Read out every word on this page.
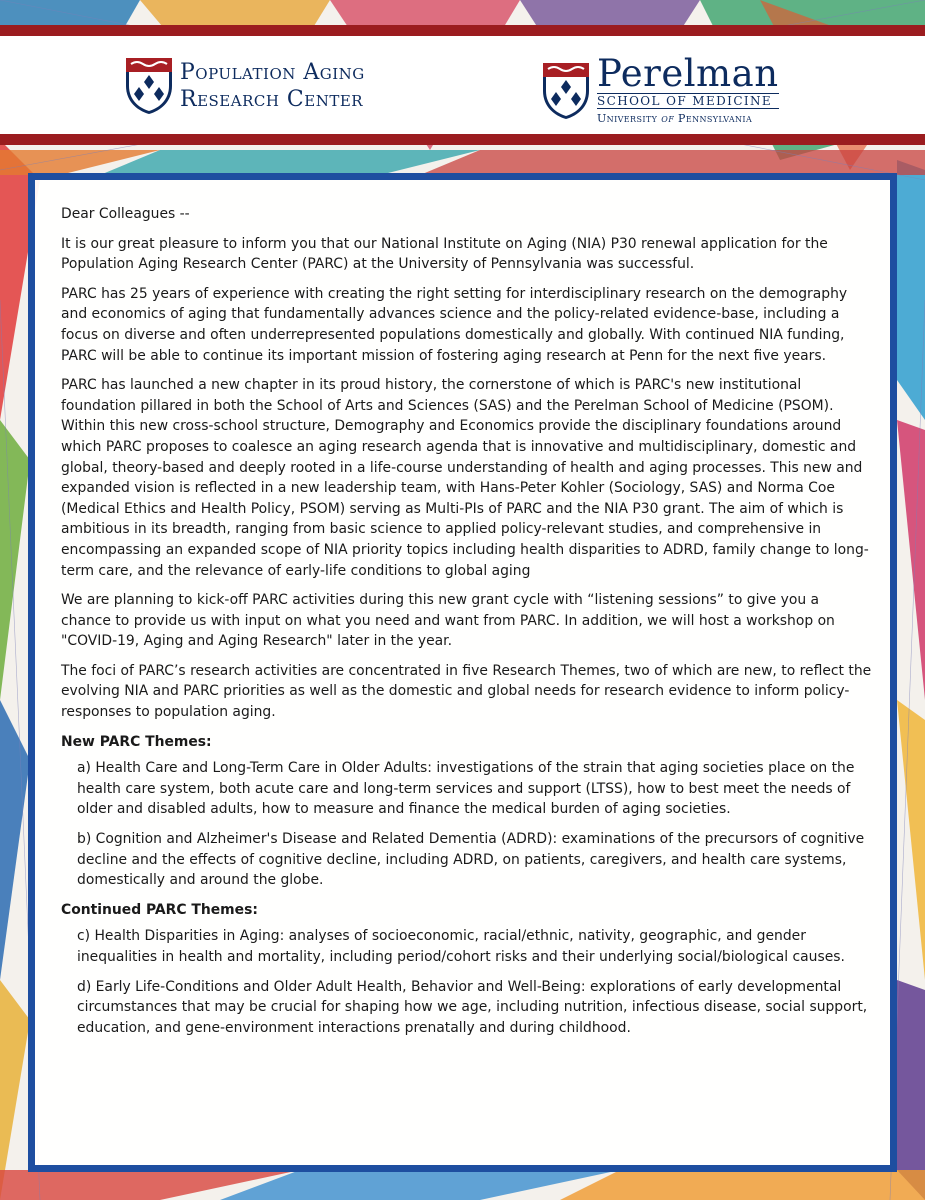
Population Aging
Research Center
Perelman
SCHOOL OF MEDICINE
University of Pennsylvania

Dear Colleagues --

It is our great pleasure to inform you that our National Institute on Aging (NIA) P30 renewal application for the Population Aging Research Center (PARC) at the University of Pennsylvania was successful.

PARC has 25 years of experience with creating the right setting for interdisciplinary research on the demography and economics of aging that fundamentally advances science and the policy-related evidence-base, including a focus on diverse and often underrepresented populations domestically and globally. With continued NIA funding, PARC will be able to continue its important mission of fostering aging research at Penn for the next five years.

PARC has launched a new chapter in its proud history, the cornerstone of which is PARC's new institutional foundation pillared in both the School of Arts and Sciences (SAS) and the Perelman School of Medicine (PSOM). Within this new cross-school structure, Demography and Economics provide the disciplinary foundations around which PARC proposes to coalesce an aging research agenda that is innovative and multidisciplinary, domestic and global, theory-based and deeply rooted in a life-course understanding of health and aging processes. This new and expanded vision is reflected in a new leadership team, with Hans-Peter Kohler (Sociology, SAS) and Norma Coe (Medical Ethics and Health Policy, PSOM) serving as Multi-PIs of PARC and the NIA P30 grant. The aim of which is ambitious in its breadth, ranging from basic science to applied policy-relevant studies, and comprehensive in encompassing an expanded scope of NIA priority topics including health disparities to ADRD, family change to long-term care, and the relevance of early-life conditions to global aging

We are planning to kick-off PARC activities during this new grant cycle with “listening sessions” to give you a chance to provide us with input on what you need and want from PARC. In addition, we will host a workshop on "COVID-19, Aging and Aging Research" later in the year.

The foci of PARC’s research activities are concentrated in five Research Themes, two of which are new, to reflect the evolving NIA and PARC priorities as well as the domestic and global needs for research evidence to inform policy-responses to population aging.

New PARC Themes:

a) Health Care and Long-Term Care in Older Adults: investigations of the strain that aging societies place on the health care system, both acute care and long-term services and support (LTSS), how to best meet the needs of older and disabled adults, how to measure and finance the medical burden of aging societies.

b) Cognition and Alzheimer's Disease and Related Dementia (ADRD): examinations of the precursors of cognitive decline and the effects of cognitive decline, including ADRD, on patients, caregivers, and health care systems, domestically and around the globe.

Continued PARC Themes:

c) Health Disparities in Aging: analyses of socioeconomic, racial/ethnic, nativity, geographic, and gender inequalities in health and mortality, including period/cohort risks and their underlying social/biological causes.

d) Early Life-Conditions and Older Adult Health, Behavior and Well-Being: explorations of early developmental circumstances that may be crucial for shaping how we age, including nutrition, infectious disease, social support, education, and gene-environment interactions prenatally and during childhood.
